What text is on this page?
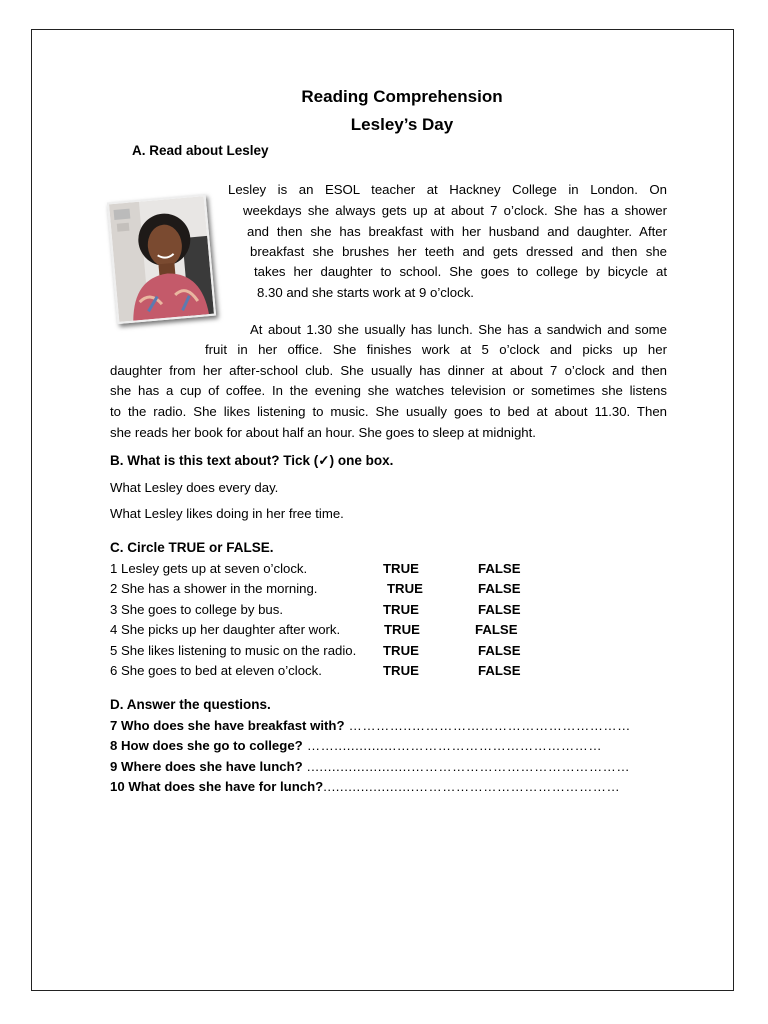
Reading Comprehension
Lesley’s Day
A. Read about Lesley
Lesley is an ESOL teacher at Hackney College in London. On
weekdays she always gets up at about 7 o’clock. She has a shower
and then she has breakfast with her husband and daughter. After
breakfast she brushes her teeth and gets dressed and then she
takes her daughter to school. She goes to college by bicycle at
8.30 and she starts work at 9 o’clock.
At about 1.30 she usually has lunch. She has a sandwich and some
fruit in her office. She finishes work at 5 o’clock and picks up her
daughter from her after-school club. She usually has dinner at about 7 o’clock and then
she has a cup of coffee. In the evening she watches television or sometimes she listens
to the radio. She likes listening to music. She usually goes to bed at about 11.30. Then
she reads her book for about half an hour. She goes to sleep at midnight.
B. What is this text about? Tick (✓) one box.
What Lesley does every day.
What Lesley likes doing in her free time.
C. Circle TRUE or FALSE.
1 Lesley gets up at seven o’clock.	TRUE	FALSE
2 She has a shower in the morning.	TRUE	FALSE
3 She goes to college by bus.	TRUE	FALSE
4 She picks up her daughter after work.	TRUE	FALSE
5 She likes listening to music on the radio. TRUE	FALSE
6 She goes to bed at eleven o’clock.	TRUE	FALSE
D. Answer the questions.
7 Who does she have breakfast with? …………..…………………………………………
8 How does she go to college? ……...............………………………………………
9 Where does she have lunch? .........................…………………………………………
10 What does she have for lunch?......................………………………………………
